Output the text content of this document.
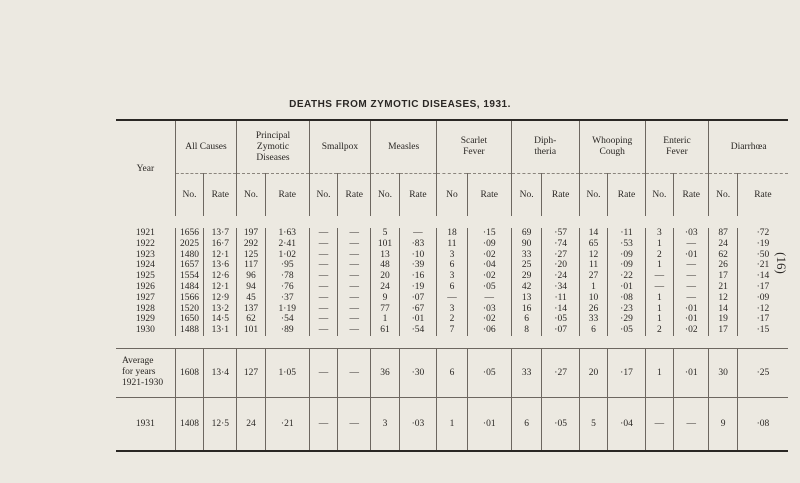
DEATHS FROM ZYMOTIC DISEASES, 1931.
(16)

Year	All Causes		Principal
Zymotic
Diseases		Smallpox		Measles		Scarlet
Fever		Diph-
theria		Whooping
Cough		Enteric
Fever		Diarrhœa	
	No.	Rate	No.	Rate	No.	Rate	No.	Rate	No	Rate	No.	Rate	No.	Rate	No.	Rate	No.	Rate

1921	1656	13·7	197	1·63	—	—	5	—	18	·15	69	·57	14	·11	3	·03	87	·72
1922	2025	16·7	292	2·41	—	—	101	·83	11	·09	90	·74	65	·53	1	—	24	·19
1923	1480	12·1	125	1·02	—	—	13	·10	3	·02	33	·27	12	·09	2	·01	62	·50
1924	1657	13·6	117	·95	—	—	48	·39	6	·04	25	·20	11	·09	1	—	26	·21
1925	1554	12·6	96	·78	—	—	20	·16	3	·02	29	·24	27	·22	—	—	17	·14
1926	1484	12·1	94	·76	—	—	24	·19	6	·05	42	·34	1	·01	—	—	21	·17
1927	1566	12·9	45	·37	—	—	9	·07	—	—	13	·11	10	·08	1	—	12	·09
1928	1520	13·2	137	1·19	—	—	77	·67	3	·03	16	·14	26	·23	1	·01	14	·12
1929	1650	14·5	62	·54	—	—	1	·01	2	·02	6	·05	33	·29	1	·01	19	·17
1930	1488	13·1	101	·89	—	—	61	·54	7	·06	8	·07	6	·05	2	·02	17	·15

Average
for years
1921-1930	1608	13·4	127	1·05	—	—	36	·30	6	·05	33	·27	20	·17	1	·01	30	·25

1931	1408	12·5	24	·21	—	—	3	·03	1	·01	6	·05	5	·04	—	—	9	·08
